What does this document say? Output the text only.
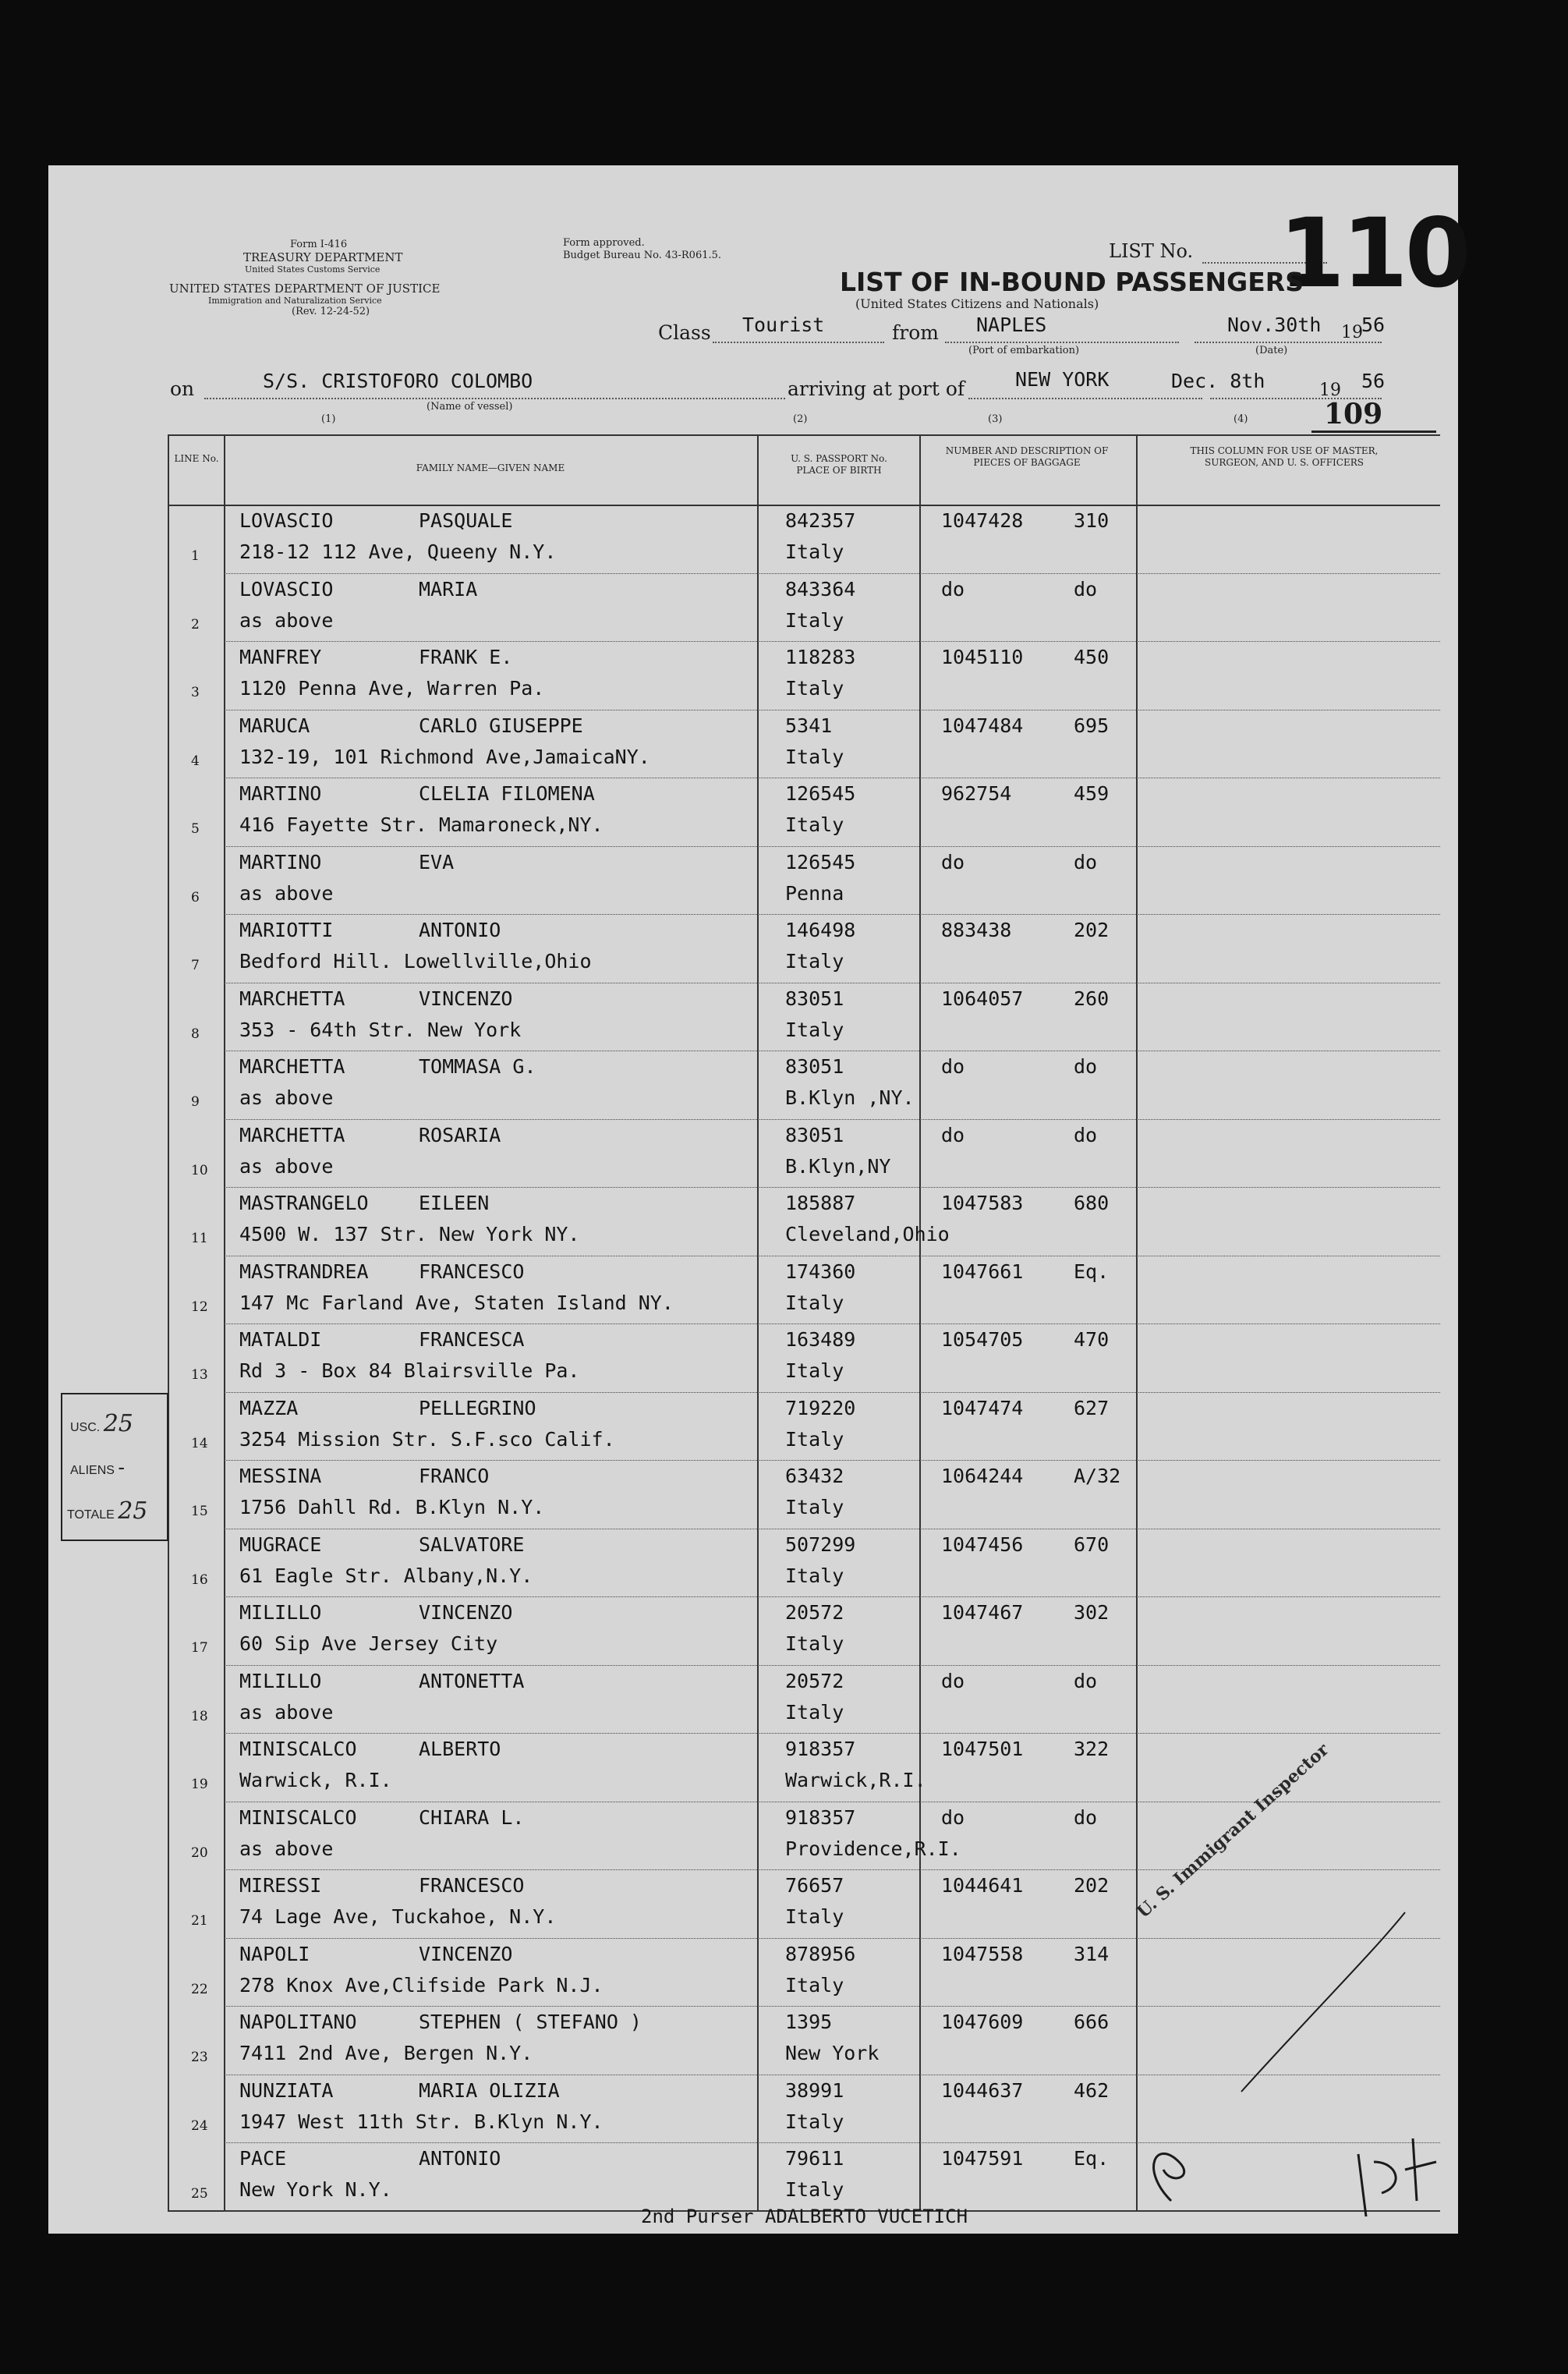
Form I-416
TREASURY DEPARTMENT
United States Customs Service
UNITED STATES DEPARTMENT OF JUSTICE
Immigration and Naturalization Service
(Rev. 12-24-52)
Form approved.
Budget Bureau No. 43-R061.5.	LIST No. 110
LIST OF IN-BOUND PASSENGERS
(United States Citizens and Nationals)
Class Tourist	from NAPLES
(Port of embarkation)
Nov.30th 19
56
(Date)
on	S/S. CRISTOFORO COLOMBO
(Name of vessel)
arriving at port of	NEW YORK	Dec. 8th	19 56
(1)	(2)	(3)	(4)	109
LINE No.
FAMILY NAME—GIVEN NAME
U. S. PASSPORT No. PLACE OF BIRTH
NUMBER AND DESCRIPTION OF PIECES OF BAGGAGE
THIS COLUMN FOR USE OF MASTER, SURGEON, AND U. S. OFFICERS
1
LOVASCIO	PASQUALE
218-12 112 Ave, Queeny N.Y.
842357
Italy
1047428	310
2
LOVASCIO	MARIA
as above
843364
Italy
do	do
3
MANFREY	FRANK E.
1120 Penna Ave, Warren Pa.
118283
Italy
1045110	450
4
MARUCA	CARLO GIUSEPPE
132-19, 101 Richmond Ave,JamaicaNY.
5341
Italy
1047484	695
5
MARTINO	CLELIA FILOMENA
416 Fayette Str. Mamaroneck,NY.
126545
Italy
962754	459
6
MARTINO	EVA
as above
126545
Penna
do	do
7
MARIOTTI	ANTONIO
Bedford Hill. Lowellville,Ohio
146498
Italy
883438	202
8
MARCHETTA	VINCENZO
353 - 64th Str. New York
83051
Italy
1064057	260
9
MARCHETTA	TOMMASA G.
as above
83051
B.Klyn ,NY.
do	do
10
MARCHETTA	ROSARIA
as above
83051
B.Klyn,NY
do	do
11
MASTRANGELO	EILEEN
4500 W. 137 Str. New York NY.
185887
Cleveland,Ohio
1047583	680
12
MASTRANDREA	FRANCESCO
147 Mc Farland Ave, Staten Island NY.
174360
Italy
1047661	Eq.
13
MATALDI	FRANCESCA
Rd 3 - Box 84 Blairsville Pa.
163489
Italy
1054705	470
14
MAZZA	PELLEGRINO
3254 Mission Str. S.F.sco Calif.
719220
Italy
1047474	627
15
MESSINA	FRANCO
1756 Dahll Rd. B.Klyn N.Y.
63432
Italy
1064244	A/32
16
MUGRACE	SALVATORE
61 Eagle Str. Albany,N.Y.
507299
Italy
1047456	670
17
MILILLO	VINCENZO
60 Sip Ave Jersey City
20572
Italy
1047467	302
18
MILILLO	ANTONETTA
as above
20572
Italy
do	do
19
MINISCALCO	ALBERTO
Warwick, R.I.
918357
Warwick,R.I.
1047501	322
20
MINISCALCO	CHIARA L.
as above
918357
Providence,R.I.
do	do
21
MIRESSI	FRANCESCO
74 Lage Ave, Tuckahoe, N.Y.
76657
Italy
1044641	202
22
NAPOLI	VINCENZO
278 Knox Ave,Clifside Park N.J.
878956
Italy
1047558	314
23
NAPOLITANO	STEPHEN ( STEFANO )
7411 2nd Ave, Bergen N.Y.
1395
New York
1047609	666
24
NUNZIATA	MARIA OLIZIA
1947 West 11th Str. B.Klyn N.Y.
38991
Italy
1044637	462
25
PACE	ANTONIO
New York N.Y.
79611
Italy
1047591	Eq.
USC. 25
ALIENS -
TOTALE 25
U. S. Immigrant Inspector
2nd Purser ADALBERTO VUCETICH
